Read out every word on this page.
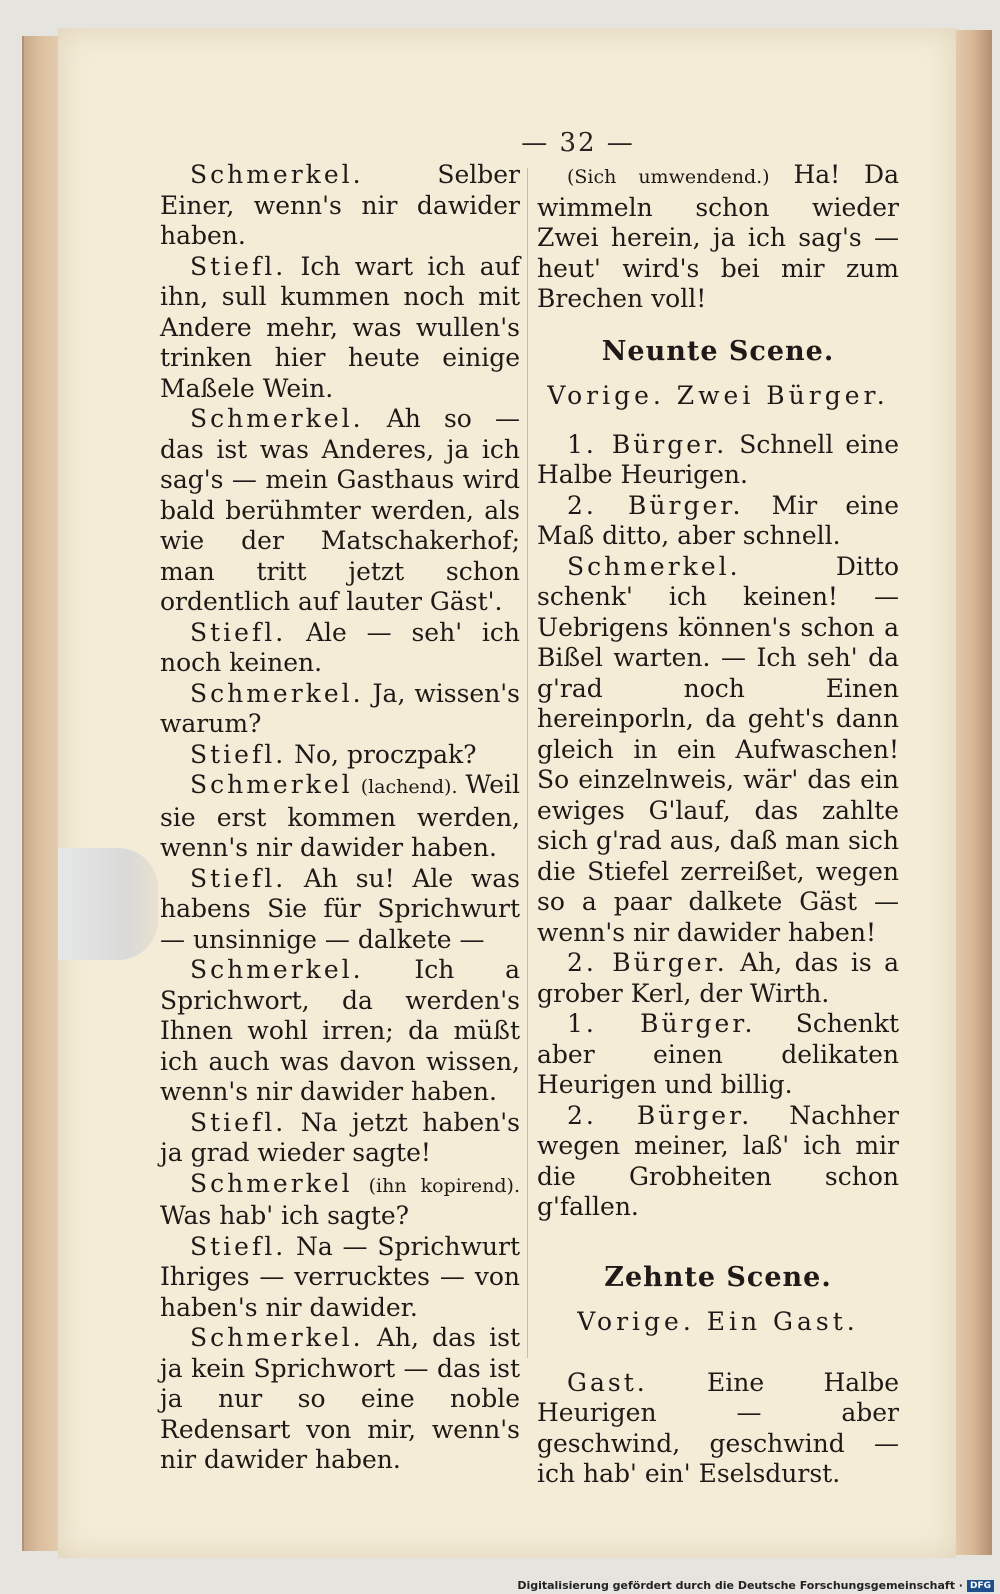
— 32 —

Schmerkel.	Selber Einer, wenn's nir dawider haben.

Stiefl. Ich wart ich auf ihn, sull kummen noch mit Andere mehr, was wullen's trinken hier heute einige Maßele Wein.

Schmerkel. Ah so — das ist was Anderes, ja ich sag's — mein Gasthaus wird bald berühmter werden, als wie der Matschakerhof; man tritt jetzt schon ordentlich auf lauter Gäst'.

Stiefl. Ale — seh' ich noch keinen.

Schmerkel. Ja, wissen's warum?

Stiefl. No, proczpak?

Schmerkel (lachend). Weil sie erst kommen werden, wenn's nir dawider haben.

Stiefl. Ah su! Ale was habens Sie für Sprichwurt — unsinnige — dalkete —

Schmerkel. Ich a Sprichwort, da werden's Ihnen wohl irren; da müßt ich auch was davon wissen, wenn's nir dawider haben.

Stiefl. Na jetzt haben's ja grad wieder sagte!

Schmerkel (ihn kopirend). Was hab' ich sagte?

Stiefl. Na — Sprichwurt Ihriges — verrucktes — von haben's nir dawider.

Schmerkel. Ah, das ist ja kein Sprichwort — das ist ja nur so eine noble Redensart von mir, wenn's nir dawider haben.

(Sich umwendend.) Ha! Da wimmeln schon wieder Zwei herein, ja ich sag's — heut' wird's bei mir zum Brechen voll!

Neunte Scene.
Vorige. Zwei Bürger.

1. Bürger. Schnell eine Halbe Heurigen.

2. Bürger. Mir eine Maß ditto, aber schnell.

Schmerkel.	Ditto schenk' ich keinen! — Uebrigens können's schon a Bißel warten. — Ich seh' da g'rad noch Einen hereinporln, da geht's dann gleich in ein Aufwaschen! So einzelnweis, wär' das ein ewiges G'lauf, das zahlte sich g'rad aus, daß man sich die Stiefel zerreißet, wegen so a paar dalkete Gäst — wenn's nir dawider haben!

2. Bürger. Ah, das is a grober Kerl, der Wirth.

1. Bürger. Schenkt aber einen delikaten Heurigen und billig.

2. Bürger. Nachher wegen meiner, laß' ich mir die Grobheiten schon g'fallen.

Zehnte Scene.
Vorige. Ein Gast.

Gast. Eine Halbe Heurigen — aber geschwind, geschwind — ich hab' ein' Eselsdurst.

Digitalisierung gefördert durch die Deutsche Forschungsgemeinschaft · DFG
